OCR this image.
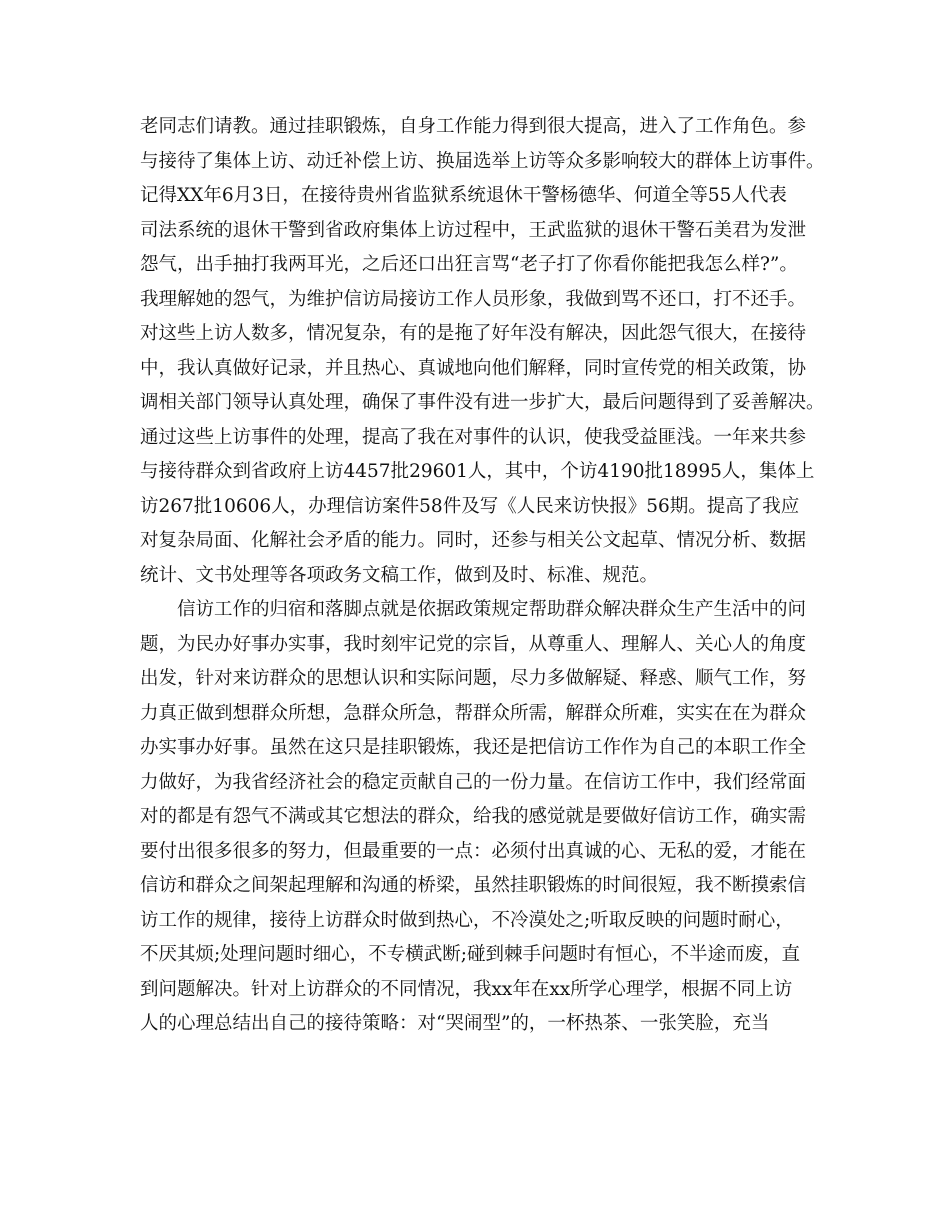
老同志们请教。通过挂职锻炼，自身工作能力得到很大提高，进入了工作角色。参
与接待了集体上访、动迁补偿上访、换届选举上访等众多影响较大的群体上访事件。
记得XX年6月3日，在接待贵州省监狱系统退休干警杨德华、何道全等55人代表
司法系统的退休干警到省政府集体上访过程中，王武监狱的退休干警石美君为发泄
怨气，出手抽打我两耳光，之后还口出狂言骂“老子打了你看你能把我怎么样?”。
我理解她的怨气，为维护信访局接访工作人员形象，我做到骂不还口，打不还手。
对这些上访人数多，情况复杂，有的是拖了好年没有解决，因此怨气很大，在接待
中，我认真做好记录，并且热心、真诚地向他们解释，同时宣传党的相关政策，协
调相关部门领导认真处理，确保了事件没有进一步扩大，最后问题得到了妥善解决。
通过这些上访事件的处理，提高了我在对事件的认识，使我受益匪浅。一年来共参
与接待群众到省政府上访4457批29601人，其中，个访4190批18995人，集体上
访267批10606人，办理信访案件58件及写《人民来访快报》56期。提高了我应
对复杂局面、化解社会矛盾的能力。同时，还参与相关公文起草、情况分析、数据
统计、文书处理等各项政务文稿工作，做到及时、标准、规范。
信访工作的归宿和落脚点就是依据政策规定帮助群众解决群众生产生活中的问
题，为民办好事办实事，我时刻牢记党的宗旨，从尊重人、理解人、关心人的角度
出发，针对来访群众的思想认识和实际问题，尽力多做解疑、释惑、顺气工作，努
力真正做到想群众所想，急群众所急，帮群众所需，解群众所难，实实在在为群众
办实事办好事。虽然在这只是挂职锻炼，我还是把信访工作作为自己的本职工作全
力做好，为我省经济社会的稳定贡献自己的一份力量。在信访工作中，我们经常面
对的都是有怨气不满或其它想法的群众，给我的感觉就是要做好信访工作，确实需
要付出很多很多的努力，但最重要的一点：必须付出真诚的心、无私的爱，才能在
信访和群众之间架起理解和沟通的桥梁，虽然挂职锻炼的时间很短，我不断摸索信
访工作的规律，接待上访群众时做到热心，不冷漠处之;听取反映的问题时耐心，
不厌其烦;处理问题时细心，不专横武断;碰到棘手问题时有恒心，不半途而废，直
到问题解决。针对上访群众的不同情况，我xx年在xx所学心理学，根据不同上访
人的心理总结出自己的接待策略：对“哭闹型”的，一杯热茶、一张笑脸，充当
